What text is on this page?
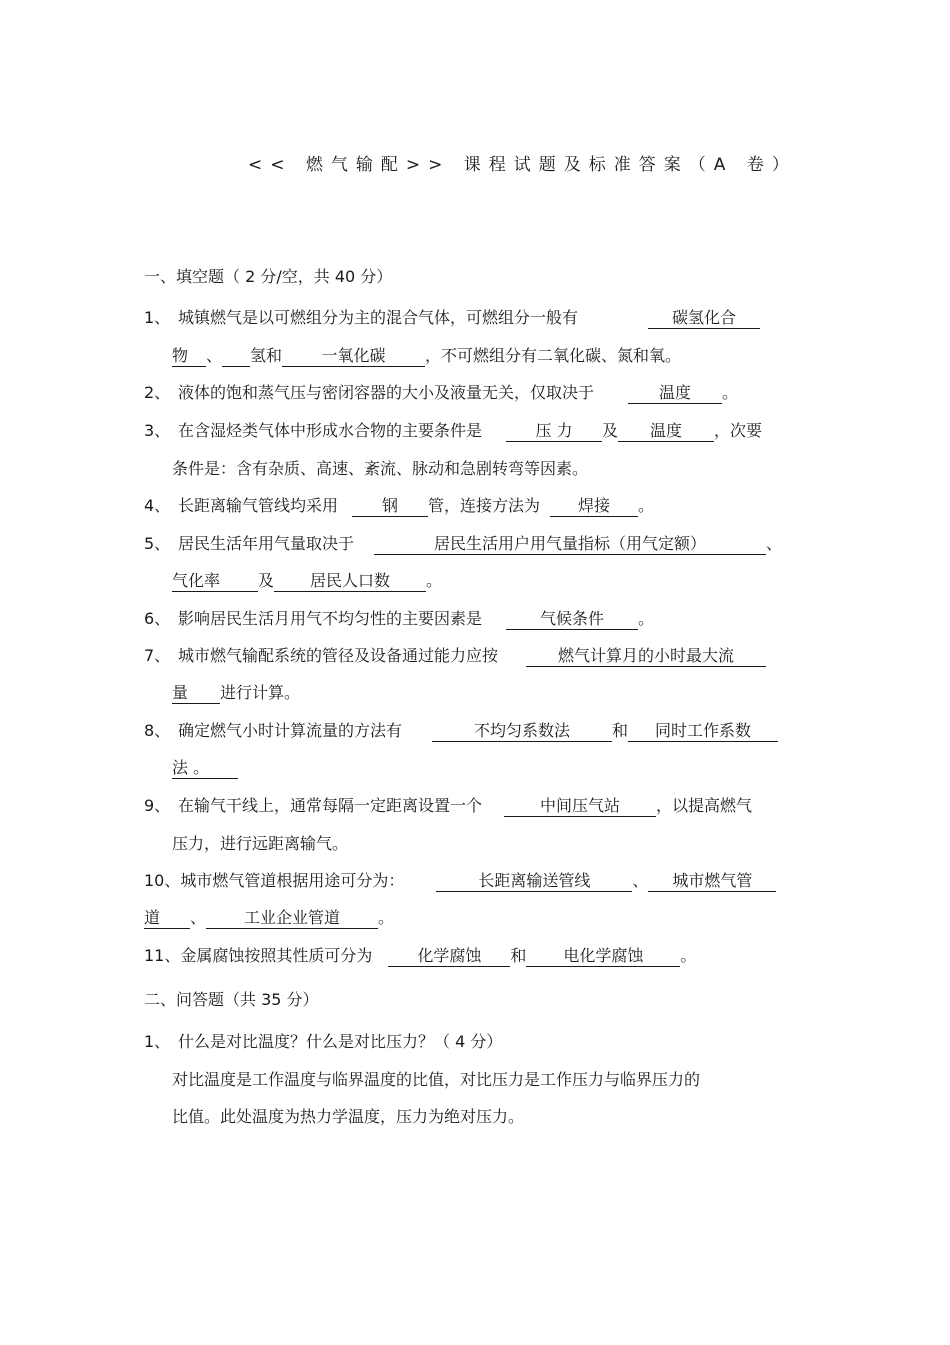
<< 燃气输配>> 课程试题及标准答案（A 卷）
一、填空题（ 2 分/空，共 40 分）
1、 城镇燃气是以可燃组分为主的混合气体，可燃组分一般有	碳氢化合
物 、 氢和 一氧化碳 ，不可燃组分有二氧化碳、氮和氧。
2、 液体的饱和蒸气压与密闭容器的大小及液量无关，仅取决于	温度 。
3、 在含湿烃类气体中形成水合物的主要条件是	压 力 及 温度 ，次要
条件是：含有杂质、高速、紊流、脉动和急剧转弯等因素。
4、 长距离输气管线均采用	钢 管，连接方法为 焊接 。
5、 居民生活年用气量取决于	居民生活用户用气量指标（用气定额）	、
气化率 及 居民人口数 。
6、 影响居民生活月用气不均匀性的主要因素是	气候条件 。
7、 城市燃气输配系统的管径及设备通过能力应按	燃气计算月的小时最大流
量 进行计算。
8、 确定燃气小时计算流量的方法有	不均匀系数法	和 同时工作系数
法 。
9、 在输气干线上，通常每隔一定距离设置一个	中间压气站 ，以提高燃气
压力，进行远距离输气。
10、城市燃气管道根据用途可分为：	长距离输送管线	、 城市燃气管
道 、 工业企业管道 。
11、金属腐蚀按照其性质可分为	化学腐蚀 和 电化学腐蚀 。
二、问答题（共 35 分）
1、 什么是对比温度？什么是对比压力？（ 4 分）
对比温度是工作温度与临界温度的比值，对比压力是工作压力与临界压力的
比值。此处温度为热力学温度，压力为绝对压力。
